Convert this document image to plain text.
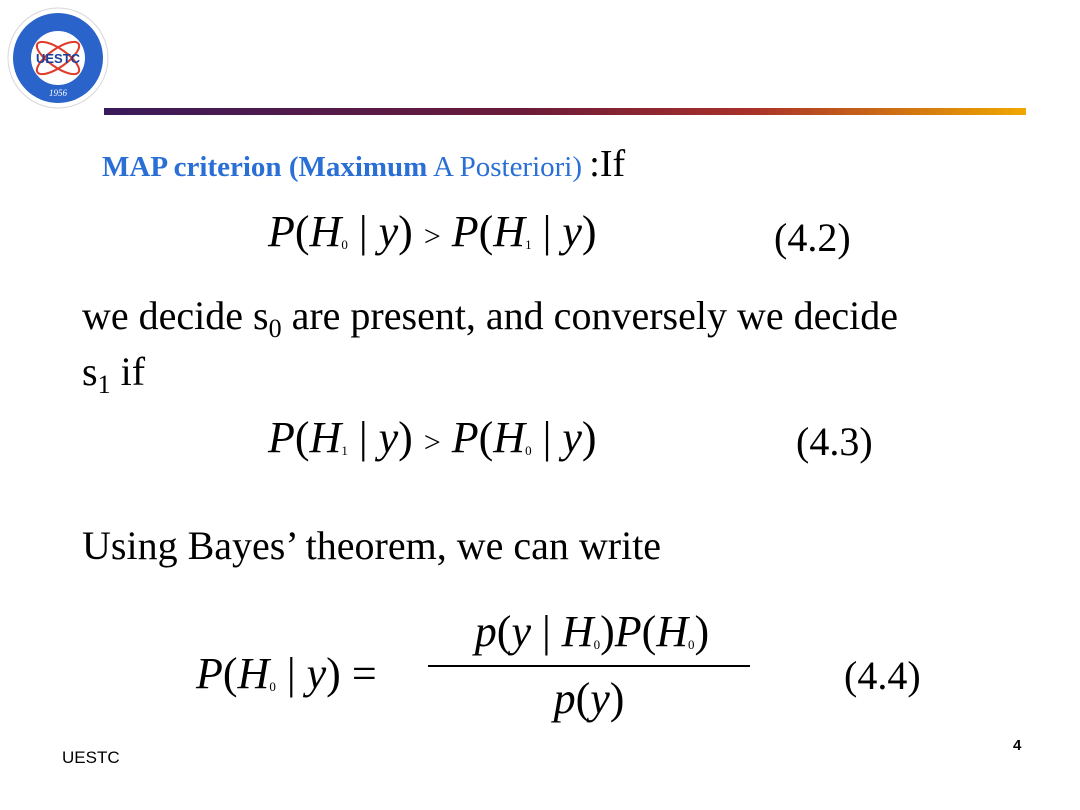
UESTC
1956
MAP criterion (Maximum A Posteriori) :If
$P(H_0$ | $y) > P(H_1$ | y)	(4.2)
we decide $s_0$ are present, and conversely we decide
$s_1$ if
$P(H_1$ | $y) > P(H_0$ | y)	(4.3)
Using Bayes’ theorem, we can write
$P(H_0$ | y) =
p(y | $H_0)P(H_0)$
p(y)	(4.4)
UESTC
4
